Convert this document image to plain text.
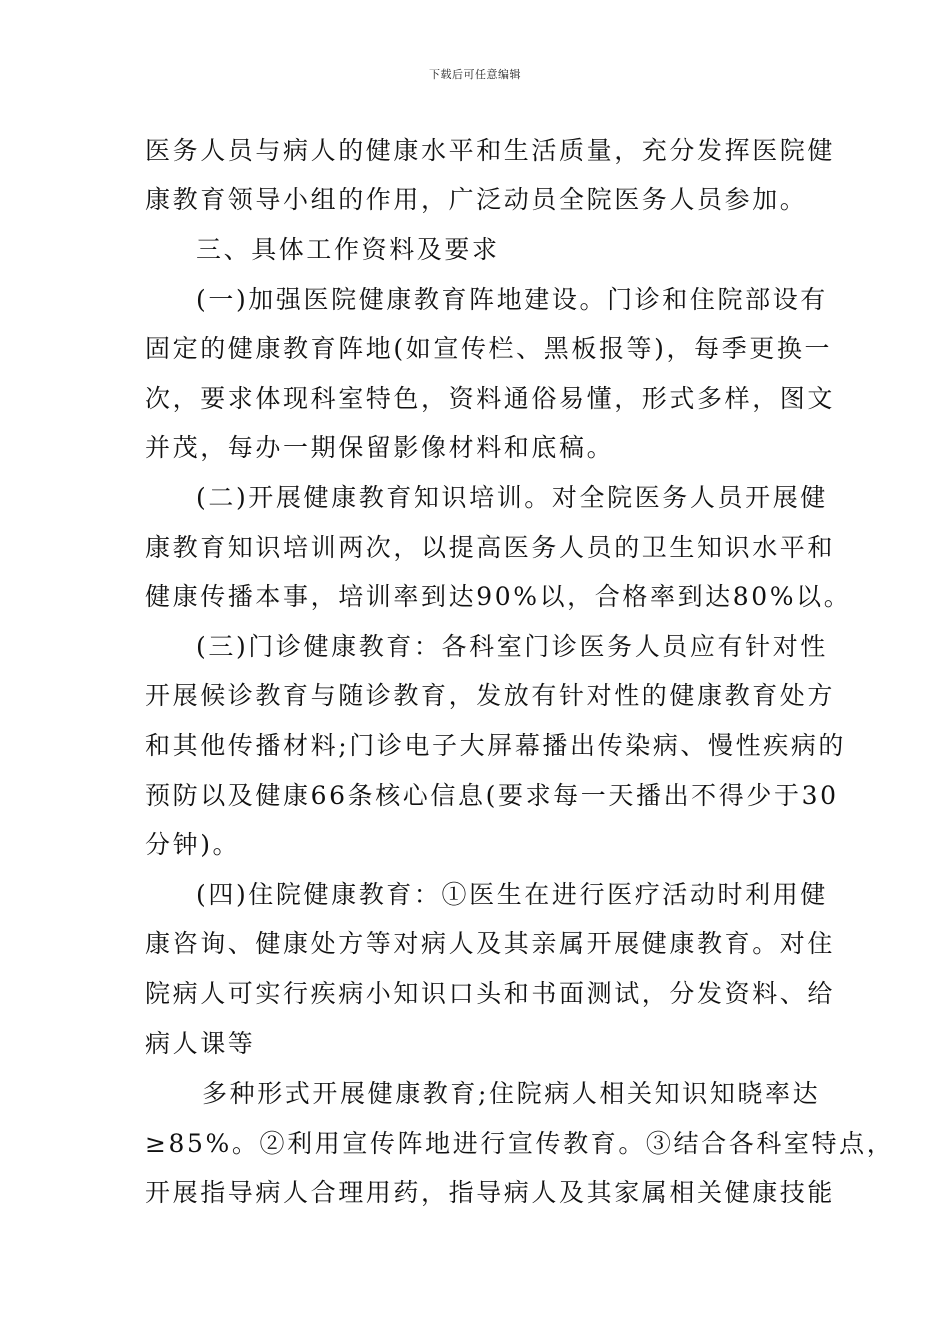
下载后可任意编辑
医务人员与病人的健康水平和生活质量，充分发挥医院健
康教育领导小组的作用，广泛动员全院医务人员参加。
三、具体工作资料及要求
(一)加强医院健康教育阵地建设。门诊和住院部设有
固定的健康教育阵地(如宣传栏、黑板报等)，每季更换一
次，要求体现科室特色，资料通俗易懂，形式多样，图文
并茂，每办一期保留影像材料和底稿。
(二)开展健康教育知识培训。对全院医务人员开展健
康教育知识培训两次，以提高医务人员的卫生知识水平和
健康传播本事，培训率到达90%以，合格率到达80%以。
(三)门诊健康教育：各科室门诊医务人员应有针对性
开展候诊教育与随诊教育，发放有针对性的健康教育处方
和其他传播材料;门诊电子大屏幕播出传染病、慢性疾病的
预防以及健康66条核心信息(要求每一天播出不得少于30
分钟)。
(四)住院健康教育：①医生在进行医疗活动时利用健
康咨询、健康处方等对病人及其亲属开展健康教育。对住
院病人可实行疾病小知识口头和书面测试，分发资料、给
病人课等
多种形式开展健康教育;住院病人相关知识知晓率达
≥85%。②利用宣传阵地进行宣传教育。③结合各科室特点，
开展指导病人合理用药，指导病人及其家属相关健康技能
